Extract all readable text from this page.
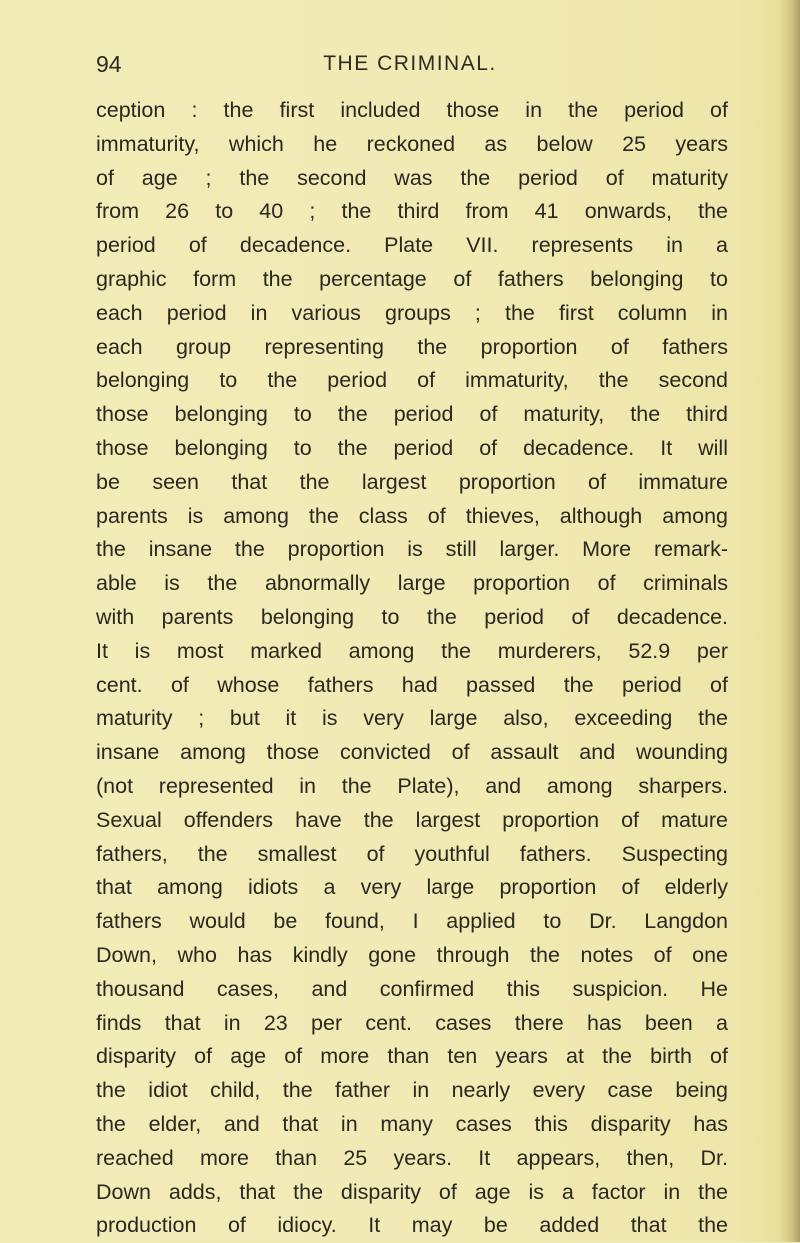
94	THE CRIMINAL.
ception : the first included those in the period of
immaturity, which he reckoned as below 25 years
of age ; the second was the period of maturity
from 26 to 40 ; the third from 41 onwards, the
period of decadence. Plate VII. represents in a
graphic form the percentage of fathers belonging to
each period in various groups ; the first column in
each group representing the proportion of fathers
belonging to the period of immaturity, the second
those belonging to the period of maturity, the third
those belonging to the period of decadence. It will
be seen that the largest proportion of immature
parents is among the class of thieves, although among
the insane the proportion is still larger. More remark-
able is the abnormally large proportion of criminals
with parents belonging to the period of decadence.
It is most marked among the murderers, 52.9 per
cent. of whose fathers had passed the period of
maturity ; but it is very large also, exceeding the
insane among those convicted of assault and wounding
(not represented in the Plate), and among sharpers.
Sexual offenders have the largest proportion of mature
fathers, the smallest of youthful fathers. Suspecting
that among idiots a very large proportion of elderly
fathers would be found, I applied to Dr. Langdon
Down, who has kindly gone through the notes of one
thousand cases, and confirmed this suspicion. He
finds that in 23 per cent. cases there has been a
disparity of age of more than ten years at the birth of
the idiot child, the father in nearly every case being
the elder, and that in many cases this disparity has
reached more than 25 years. It appears, then, Dr.
Down adds, that the disparity of age is a factor in the
production of idiocy. It may be added that the
